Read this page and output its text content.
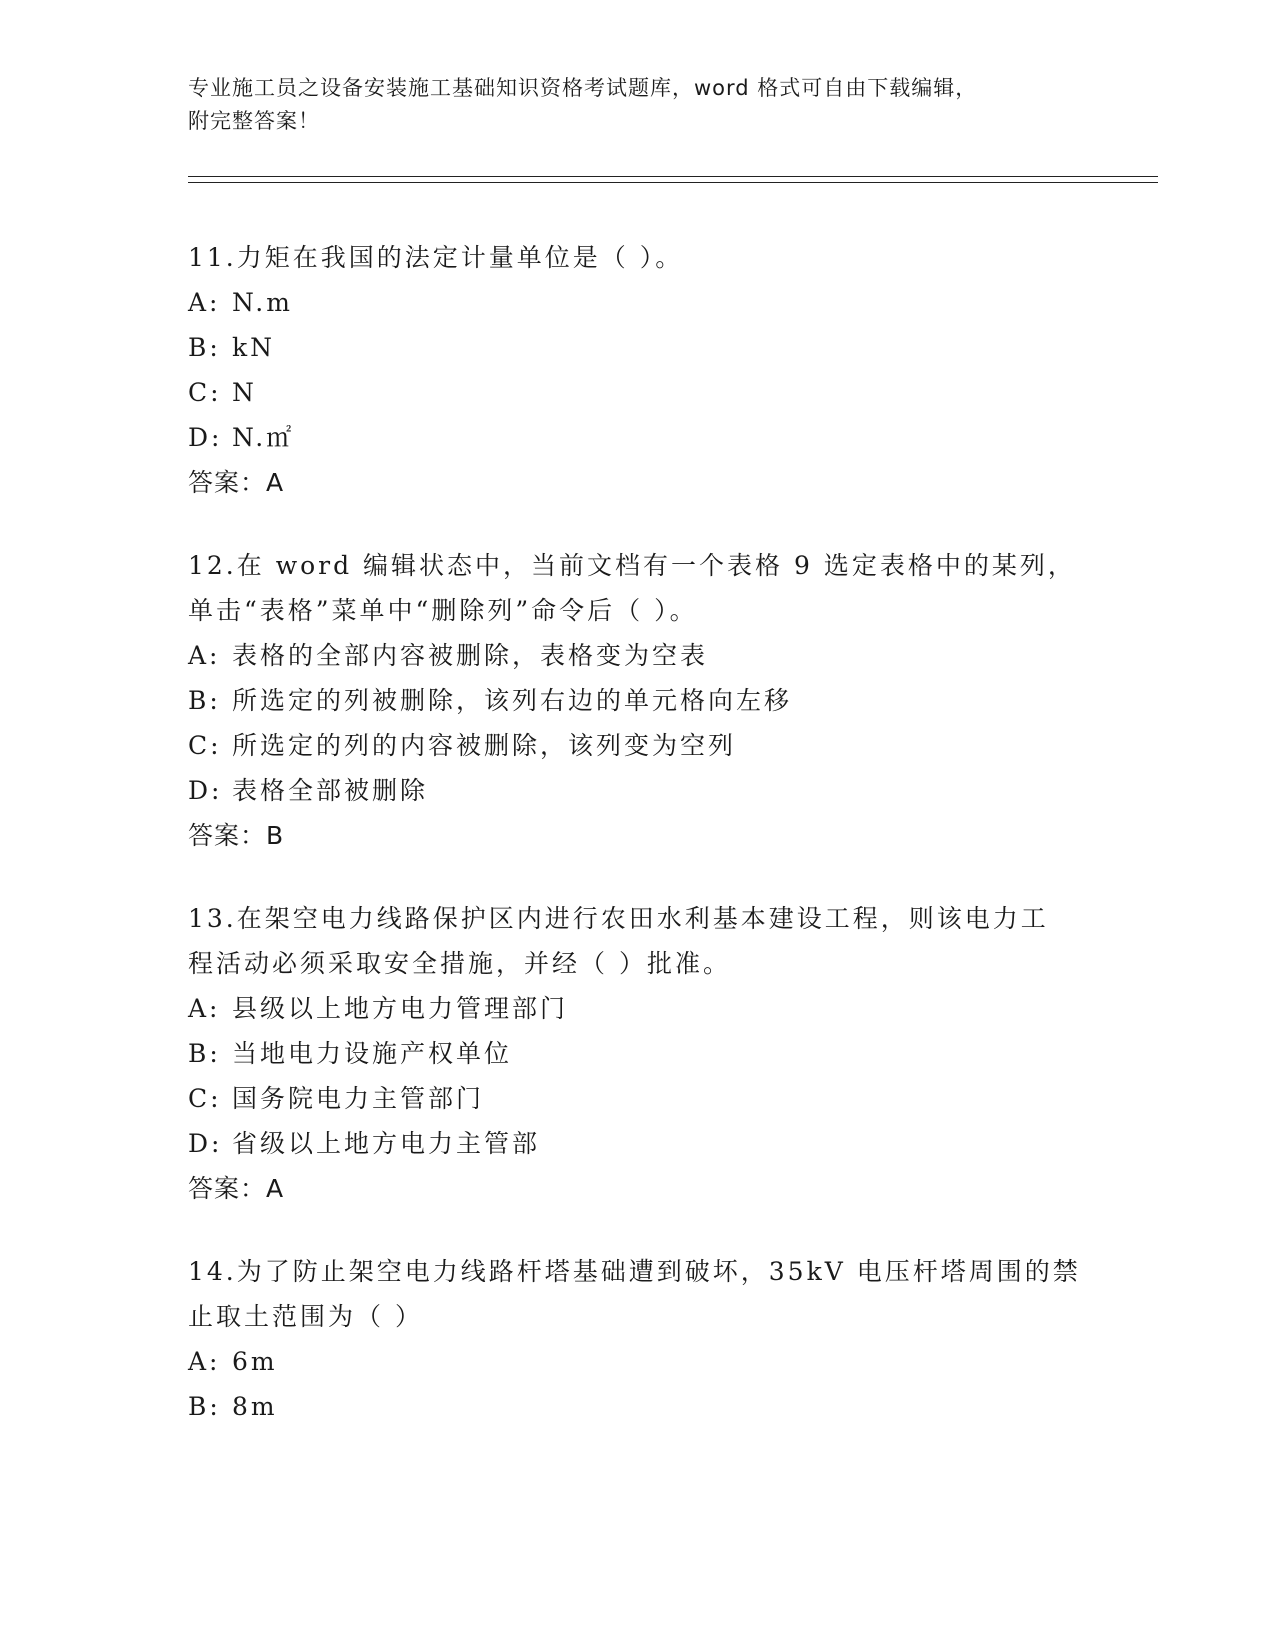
专业施工员之设备安装施工基础知识资格考试题库，word 格式可自由下载编辑，
附完整答案！
11.力矩在我国的法定计量单位是（ ）。
A: N.m
B: kN
C: N
D: N.㎡
答案：A
12.在 word 编辑状态中，当前文档有一个表格 9 选定表格中的某列，
单击“表格”菜单中“删除列”命令后（ ）。
A: 表格的全部内容被删除，表格变为空表
B: 所选定的列被删除，该列右边的单元格向左移
C: 所选定的列的内容被删除，该列变为空列
D: 表格全部被删除
答案：B
13.在架空电力线路保护区内进行农田水利基本建设工程，则该电力工
程活动必须采取安全措施，并经（ ）批准。
A: 县级以上地方电力管理部门
B: 当地电力设施产权单位
C: 国务院电力主管部门
D: 省级以上地方电力主管部
答案：A
14.为了防止架空电力线路杆塔基础遭到破坏，35kV 电压杆塔周围的禁
止取土范围为（ ）
A: 6m
B: 8m
